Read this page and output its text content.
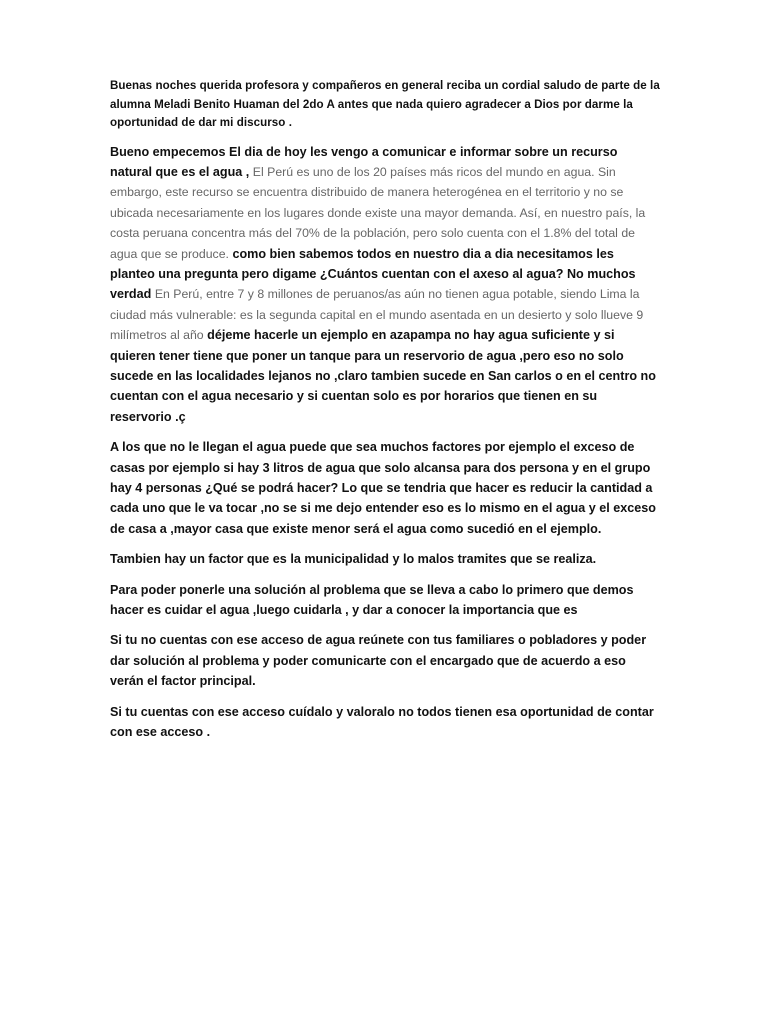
Buenas noches querida profesora y compañeros en general reciba un cordial saludo de parte de la alumna Meladi Benito Huaman del 2do A antes que nada quiero agradecer a Dios por darme la oportunidad de dar mi discurso .

Bueno empecemos El dia de hoy les vengo a comunicar e informar sobre un recurso natural que es el agua , El Perú es uno de los 20 países más ricos del mundo en agua. Sin embargo, este recurso se encuentra distribuido de manera heterogénea en el territorio y no se ubicada necesariamente en los lugares donde existe una mayor demanda. Así, en nuestro país, la costa peruana concentra más del 70% de la población, pero solo cuenta con el 1.8% del total de agua que se produce. como bien sabemos todos en nuestro dia a dia necesitamos les planteo una pregunta pero digame ¿Cuántos cuentan con el axeso al agua? No muchos verdad En Perú, entre 7 y 8 millones de peruanos/as aún no tienen agua potable, siendo Lima la ciudad más vulnerable: es la segunda capital en el mundo asentada en un desierto y solo llueve 9 milímetros al año déjeme hacerle un ejemplo en azapampa no hay agua suficiente y si quieren tener tiene que poner un tanque para un reservorio de agua ,pero eso no solo sucede en las localidades lejanos no ,claro tambien sucede en San carlos o en el centro no cuentan con el agua necesario y si cuentan solo es por horarios que tienen en su reservorio .ç

A los que no le llegan el agua puede que sea muchos factores por ejemplo el exceso de casas por ejemplo si hay 3 litros de agua que solo alcansa para dos persona y en el grupo hay 4 personas ¿Qué se podrá hacer? Lo que se tendria que hacer es reducir la cantidad a cada uno que le va tocar ,no se si me dejo entender eso es lo mismo en el agua y el exceso de casa a ,mayor casa que existe menor será el agua como sucedió en el ejemplo.

Tambien hay un factor que es la municipalidad y lo malos tramites que se realiza.

Para poder ponerle una solución al problema que se lleva a cabo lo primero que demos hacer es cuidar el agua ,luego cuidarla , y dar a conocer la importancia que es

Si tu no cuentas con ese acceso de agua reúnete con tus familiares o pobladores y poder dar solución al problema y poder comunicarte con el encargado que de acuerdo a eso verán el factor principal.

Si tu cuentas con ese acceso cuídalo y valoralo no todos tienen esa oportunidad de contar con ese acceso .
